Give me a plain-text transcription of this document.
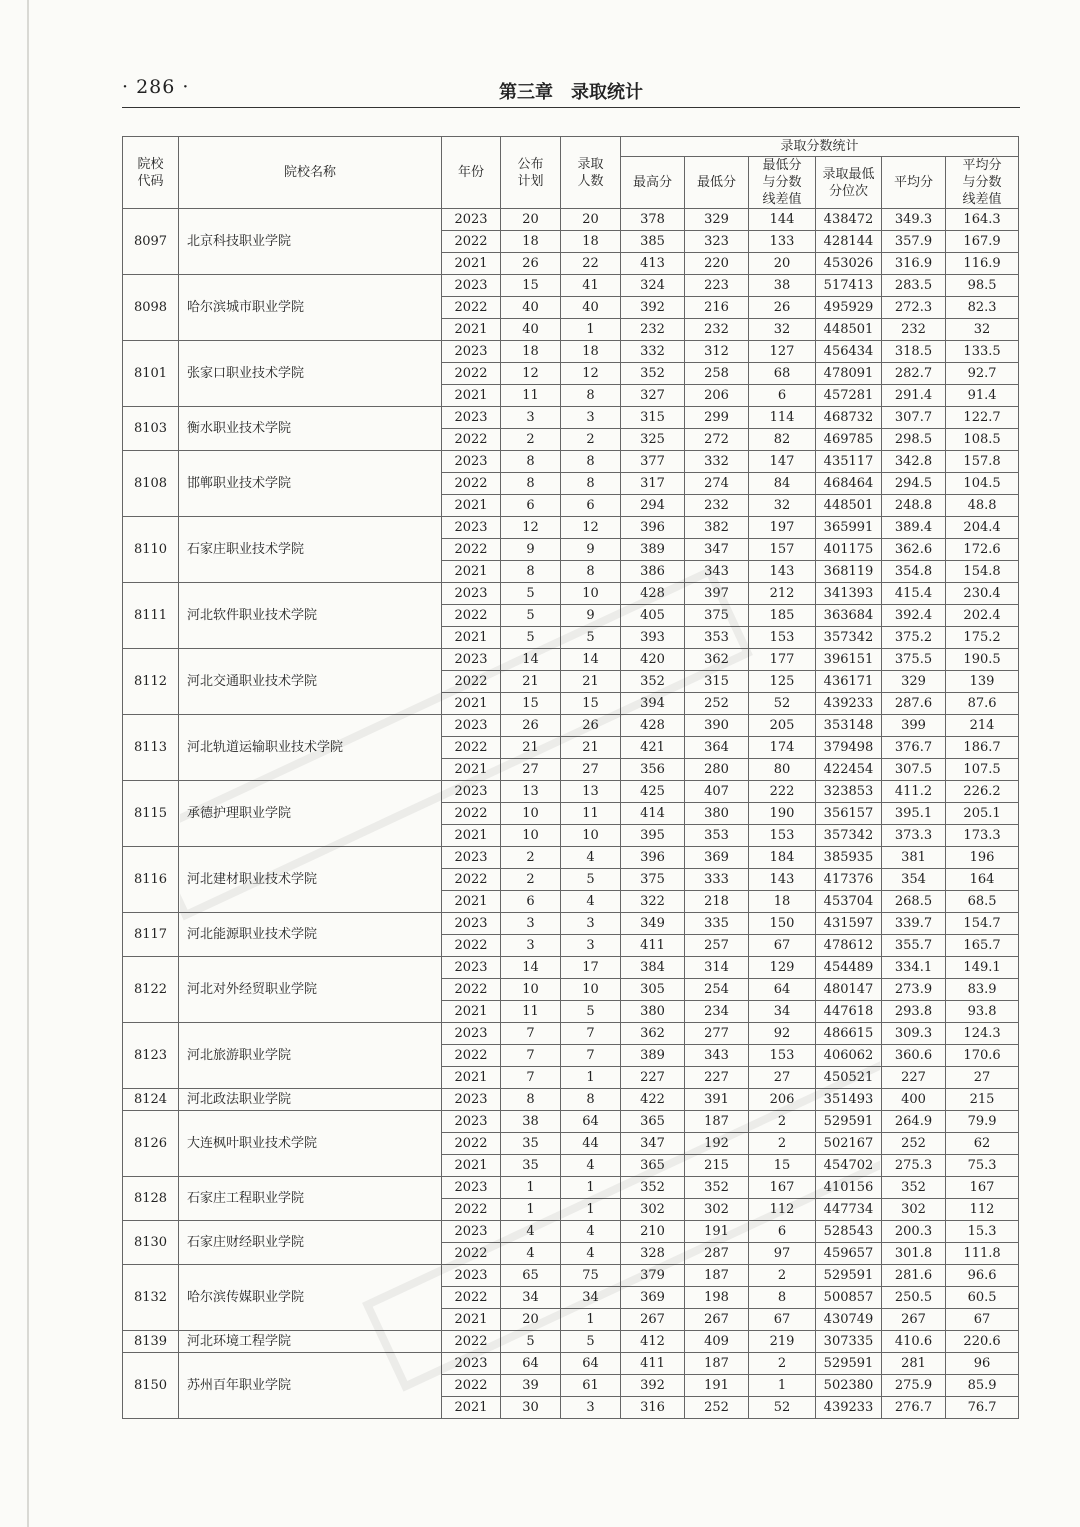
· 286 ·	第三章　录取统计
院校代码	院校名称	年份	公布计划	录取人数	录取分数统计					
					最高分	最低分	最低分与分数线差值	录取最低分位次	平均分	平均分与分数线差值
8097	北京科技职业学院	2023	20	20	378	329	144	438472	349.3	164.3
		2022	18	18	385	323	133	428144	357.9	167.9
		2021	26	22	413	220	20	453026	316.9	116.9
8098	哈尔滨城市职业学院	2023	15	41	324	223	38	517413	283.5	98.5
		2022	40	40	392	216	26	495929	272.3	82.3
		2021	40	1	232	232	32	448501	232	32
8101	张家口职业技术学院	2023	18	18	332	312	127	456434	318.5	133.5
		2022	12	12	352	258	68	478091	282.7	92.7
		2021	11	8	327	206	6	457281	291.4	91.4
8103	衡水职业技术学院	2023	3	3	315	299	114	468732	307.7	122.7
		2022	2	2	325	272	82	469785	298.5	108.5
8108	邯郸职业技术学院	2023	8	8	377	332	147	435117	342.8	157.8
		2022	8	8	317	274	84	468464	294.5	104.5
		2021	6	6	294	232	32	448501	248.8	48.8
8110	石家庄职业技术学院	2023	12	12	396	382	197	365991	389.4	204.4
		2022	9	9	389	347	157	401175	362.6	172.6
		2021	8	8	386	343	143	368119	354.8	154.8
8111	河北软件职业技术学院	2023	5	10	428	397	212	341393	415.4	230.4
		2022	5	9	405	375	185	363684	392.4	202.4
		2021	5	5	393	353	153	357342	375.2	175.2
8112	河北交通职业技术学院	2023	14	14	420	362	177	396151	375.5	190.5
		2022	21	21	352	315	125	436171	329	139
		2021	15	15	394	252	52	439233	287.6	87.6
8113	河北轨道运输职业技术学院	2023	26	26	428	390	205	353148	399	214
		2022	21	21	421	364	174	379498	376.7	186.7
		2021	27	27	356	280	80	422454	307.5	107.5
8115	承德护理职业学院	2023	13	13	425	407	222	323853	411.2	226.2
		2022	10	11	414	380	190	356157	395.1	205.1
		2021	10	10	395	353	153	357342	373.3	173.3
8116	河北建材职业技术学院	2023	2	4	396	369	184	385935	381	196
		2022	2	5	375	333	143	417376	354	164
		2021	6	4	322	218	18	453704	268.5	68.5
8117	河北能源职业技术学院	2023	3	3	349	335	150	431597	339.7	154.7
		2022	3	3	411	257	67	478612	355.7	165.7
8122	河北对外经贸职业学院	2023	14	17	384	314	129	454489	334.1	149.1
		2022	10	10	305	254	64	480147	273.9	83.9
		2021	11	5	380	234	34	447618	293.8	93.8
8123	河北旅游职业学院	2023	7	7	362	277	92	486615	309.3	124.3
		2022	7	7	389	343	153	406062	360.6	170.6
		2021	7	1	227	227	27	450521	227	27
8124	河北政法职业学院	2023	8	8	422	391	206	351493	400	215
8126	大连枫叶职业技术学院	2023	38	64	365	187	2	529591	264.9	79.9
		2022	35	44	347	192	2	502167	252	62
		2021	35	4	365	215	15	454702	275.3	75.3
8128	石家庄工程职业学院	2023	1	1	352	352	167	410156	352	167
		2022	1	1	302	302	112	447734	302	112
8130	石家庄财经职业学院	2023	4	4	210	191	6	528543	200.3	15.3
		2022	4	4	328	287	97	459657	301.8	111.8
8132	哈尔滨传媒职业学院	2023	65	75	379	187	2	529591	281.6	96.6
		2022	34	34	369	198	8	500857	250.5	60.5
		2021	20	1	267	267	67	430749	267	67
8139	河北环境工程学院	2022	5	5	412	409	219	307335	410.6	220.6
8150	苏州百年职业学院	2023	64	64	411	187	2	529591	281	96
		2022	39	61	392	191	1	502380	275.9	85.9
		2021	30	3	316	252	52	439233	276.7	76.7
